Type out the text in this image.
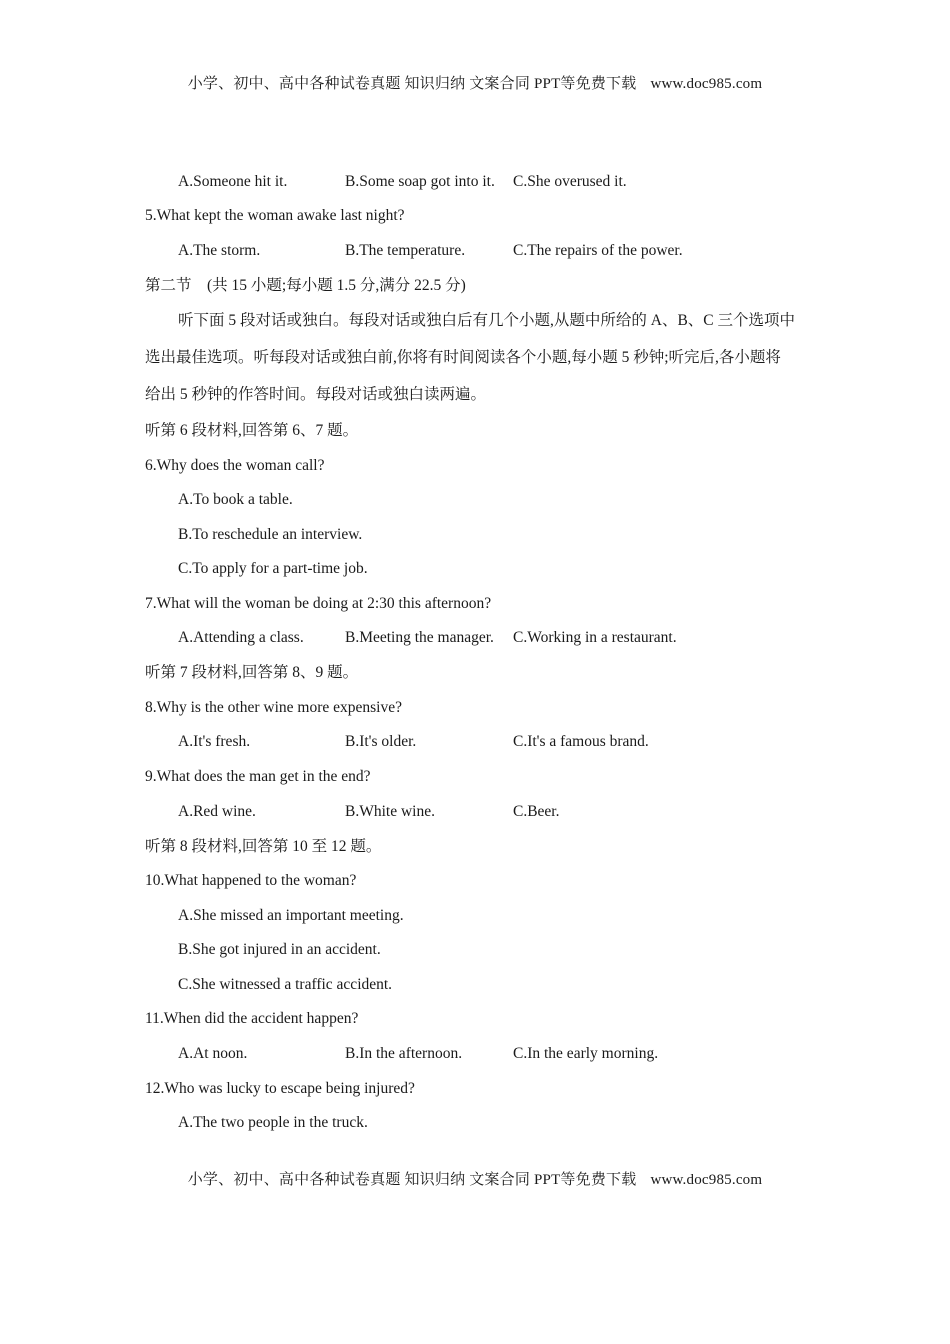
小学、初中、高中各种试卷真题 知识归纳 文案合同 PPT等免费下载 www.doc985.com
A.Someone hit it.	B.Some soap got into it. C.She overused it.
5.What kept the woman awake last night?
A.The storm.	B.The temperature.	C.The repairs of the power.
第二节　(共 15 小题;每小题 1.5 分,满分 22.5 分)
听下面 5 段对话或独白。每段对话或独白后有几个小题,从题中所给的 A、B、C 三个选项中选出最佳选项。听每段对话或独白前,你将有时间阅读各个小题,每小题 5 秒钟;听完后,各小题将给出 5 秒钟的作答时间。每段对话或独白读两遍。
听第 6 段材料,回答第 6、7 题。
6.Why does the woman call?
A.To book a table.
B.To reschedule an interview.
C.To apply for a part-time job.
7.What will the woman be doing at 2:30 this afternoon?
A.Attending a class.	B.Meeting the manager. C.Working in a restaurant.
听第 7 段材料,回答第 8、9 题。
8.Why is the other wine more expensive?
A.It's fresh.	B.It's older.	C.It's a famous brand.
9.What does the man get in the end?
A.Red wine.	B.White wine.	C.Beer.
听第 8 段材料,回答第 10 至 12 题。
10.What happened to the woman?
A.She missed an important meeting.
B.She got injured in an accident.
C.She witnessed a traffic accident.
11.When did the accident happen?
A.At noon.	B.In the afternoon.	C.In the early morning.
12.Who was lucky to escape being injured?
A.The two people in the truck.
小学、初中、高中各种试卷真题 知识归纳 文案合同 PPT等免费下载 www.doc985.com
